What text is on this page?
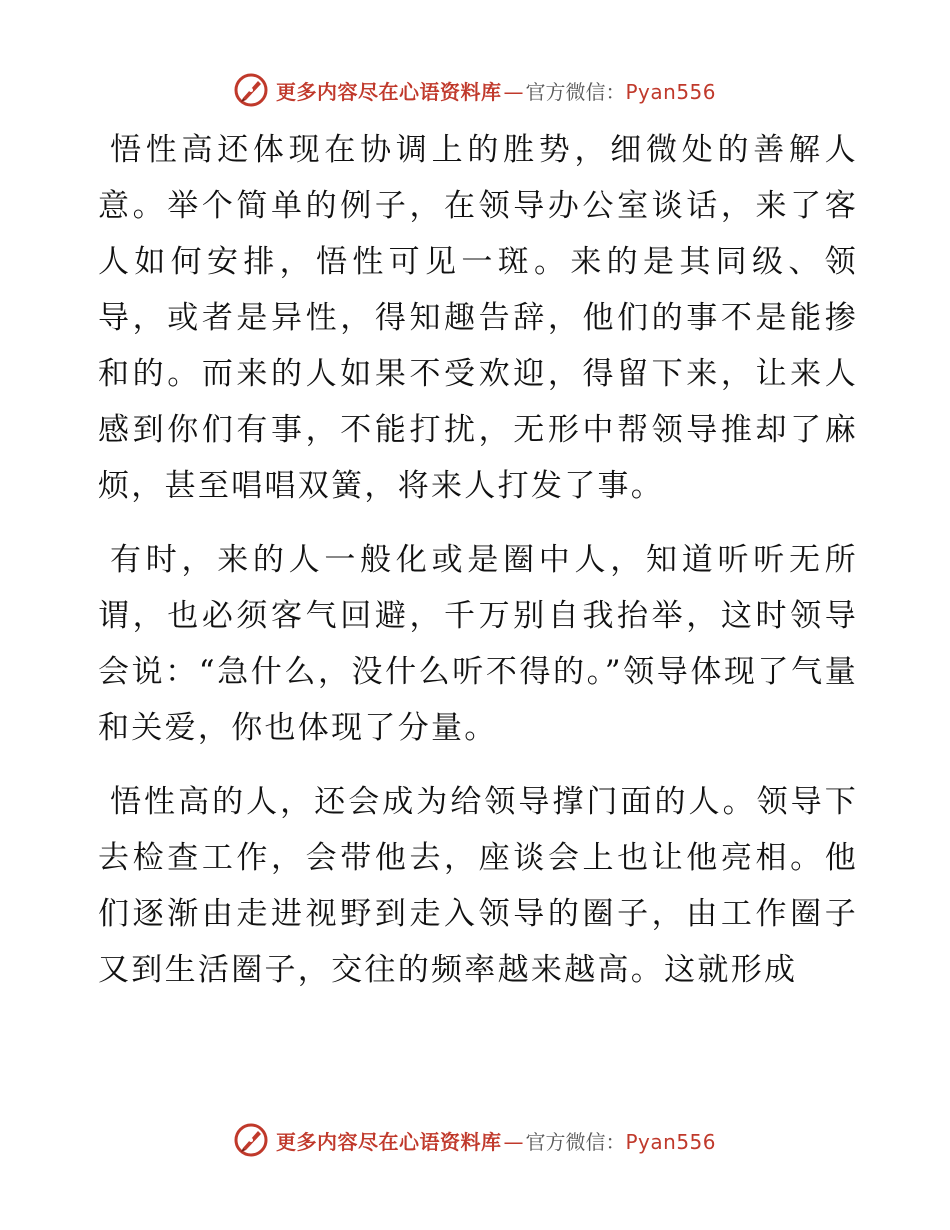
更多内容尽在心语资料库 — 官方微信： Pyan556

悟性高还体现在协调上的胜势，细微处的善解人意。举个简单的例子，在领导办公室谈话，来了客人如何安排，悟性可见一斑。来的是其同级、领导，或者是异性，得知趣告辞，他们的事不是能掺和的。而来的人如果不受欢迎，得留下来，让来人感到你们有事，不能打扰，无形中帮领导推却了麻烦，甚至唱唱双簧，将来人打发了事。

有时，来的人一般化或是圈中人，知道听听无所谓，也必须客气回避，千万别自我抬举，这时领导会说：“急什么，没什么听不得的。”领导体现了气量和关爱，你也体现了分量。

悟性高的人，还会成为给领导撑门面的人。领导下去检查工作，会带他去，座谈会上也让他亮相。他们逐渐由走进视野到走入领导的圈子，由工作圈子又到生活圈子，交往的频率越来越高。这就形成

更多内容尽在心语资料库 — 官方微信： Pyan556
